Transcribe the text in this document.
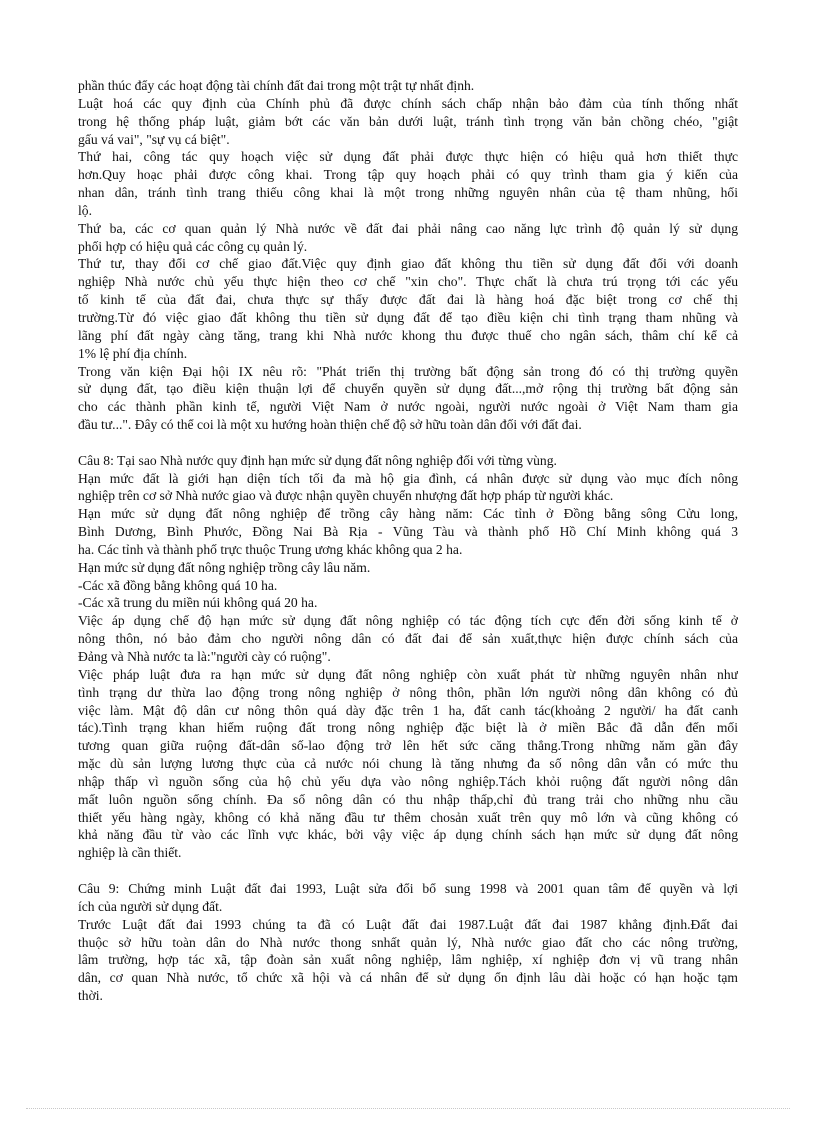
phần thúc đẩy các hoạt động tài chính đất đai trong một trật tự nhất định.
Luật hoá các quy định của Chính phủ đã được chính sách chấp nhận bảo đảm của tính thống nhất
trong hệ thống pháp luật, giảm bớt các văn bản dưới luật, tránh tình trọng văn bản chồng chéo, "giật
gấu vá vai", "sự vụ cá biệt".
Thứ hai, công tác quy hoạch việc sử dụng đất phải được thực hiện có hiệu quả hơn thiết thực
hơn.Quy hoạc phải được công khai. Trong tập quy hoạch phải có quy trình tham gia ý kiến của
nhan dân, tránh tình trang thiếu công khai là một trong những nguyên nhân của tệ tham nhũng, hối
lộ.
Thứ ba, các cơ quan quản lý Nhà nước về đất đai phải nâng cao năng lực trình độ quản lý sử dụng
phối hợp có hiệu quả các công cụ quản lý.
Thứ tư, thay đổi cơ chế giao đất.Việc quy định giao đất không thu tiền sử dụng đất đối với doanh
nghiệp Nhà nước chủ yếu thực hiện theo cơ chế "xin cho". Thực chất là chưa trú trọng tới các yếu
tố kinh tế của đất đai, chưa thực sự thấy được đất đai là hàng hoá đặc biệt trong cơ chế thị
trường.Từ đó việc giao đất không thu tiền sử dụng đất để tạo điều kiện chi tình trạng tham nhũng và
lãng phí đất ngày càng tăng, trang khi Nhà nước khong thu được thuế cho ngân sách, thâm chí kể cả
1% lệ phí địa chính.
Trong văn kiện Đại hội IX nêu rõ: "Phát triển thị trường bất động sản trong đó có thị trường quyền
sử dụng đất, tạo điều kiện thuận lợi để chuyển quyền sử dụng đất...,mở rộng thị trường bất động sản
cho các thành phần kinh tế, người Việt Nam ở nước ngoài, người nước ngoài ở Việt Nam tham gia
đầu tư...". Đây có thể coi là một xu hướng hoàn thiện chế độ sở hữu toàn dân đối với đất đai.
Câu 8: Tại sao Nhà nước quy định hạn mức sử dụng đất nông nghiệp đối với từng vùng.
Hạn mức đất là giới hạn diện tích tối đa mà hộ gia đình, cá nhân được sử dụng vào mục đích nông
nghiệp trên cơ sở Nhà nước giao và được nhận quyền chuyển nhượng đất hợp pháp từ người khác.
Hạn mức sử dụng đất nông nghiệp để trồng cây hàng năm: Các tỉnh ở Đồng bằng sông Cửu long,
Bình Dương, Bình Phước, Đồng Nai Bà Rịa - Vũng Tàu và thành phố Hồ Chí Minh không quá 3
ha. Các tỉnh và thành phố trực thuộc Trung ương khác không qua 2 ha.
Hạn mức sử dụng đất nông nghiệp trồng cây lâu năm.
-Các xã đồng bằng không quá 10 ha.
-Các xã trung du miền núi không quá 20 ha.
Việc áp dụng chế độ hạn mức sử dụng đất nông nghiệp có tác động tích cực đến đời sống kinh tế ở
nông thôn, nó bảo đảm cho người nông dân có đất đai để sản xuất,thực hiện được chính sách của
Đảng và Nhà nước ta là:"người cày có ruộng".
Việc pháp luật đưa ra hạn mức sử dụng đất nông nghiệp còn xuất phát từ những nguyên nhân như
tình trạng dư thừa lao động trong nông nghiệp ở nông thôn, phần lớn người nông dân không có đủ
việc làm. Mật độ dân cư nông thôn quá dày đặc trên 1 ha, đất canh tác(khoảng 2 người/ ha đất canh
tác).Tình trạng khan hiếm ruộng đất trong nông nghiệp đặc biệt là ở miền Bắc đã dẫn đến mối
tương quan giữa ruộng đất-dân số-lao động trở lên hết sức căng thẳng.Trong những năm gần đây
mặc dù sản lượng lương thực của cả nước nói chung là tăng nhưng đa số nông dân vẫn có mức thu
nhập thấp vì nguồn sống của hộ chủ yếu dựa vào nông nghiệp.Tách khỏi ruộng đất người nông dân
mất luôn nguồn sống chính. Đa số nông dân có thu nhập thấp,chỉ đủ trang trải cho những nhu cầu
thiết yếu hàng ngày, không có khả năng đầu tư thêm chosản xuất trên quy mô lớn và cũng không có
khả năng đầu từ vào các lĩnh vực khác, bởi vậy việc áp dụng chính sách hạn mức sử dụng đất nông
nghiệp là cần thiết.
Câu 9: Chứng minh Luật đất đai 1993, Luật sửa đổi bổ sung 1998 và 2001 quan tâm đế quyền và lợi
ích của người sử dụng đất.
Trước Luật đất đai 1993 chúng ta đã có Luật đất đai 1987.Luật đất đai 1987 khẳng định.Đất đai
thuộc sở hữu toàn dân do Nhà nước thong snhất quản lý, Nhà nước giao đất cho các nông trường,
lâm trường, hợp tác xã, tập đoàn sản xuất nông nghiệp, lâm nghiệp, xí nghiệp đơn vị vũ trang nhân
dân, cơ quan Nhà nước, tổ chức xã hội và cá nhân để sử dụng ổn định lâu dài hoặc có hạn hoặc tạm
thời.
